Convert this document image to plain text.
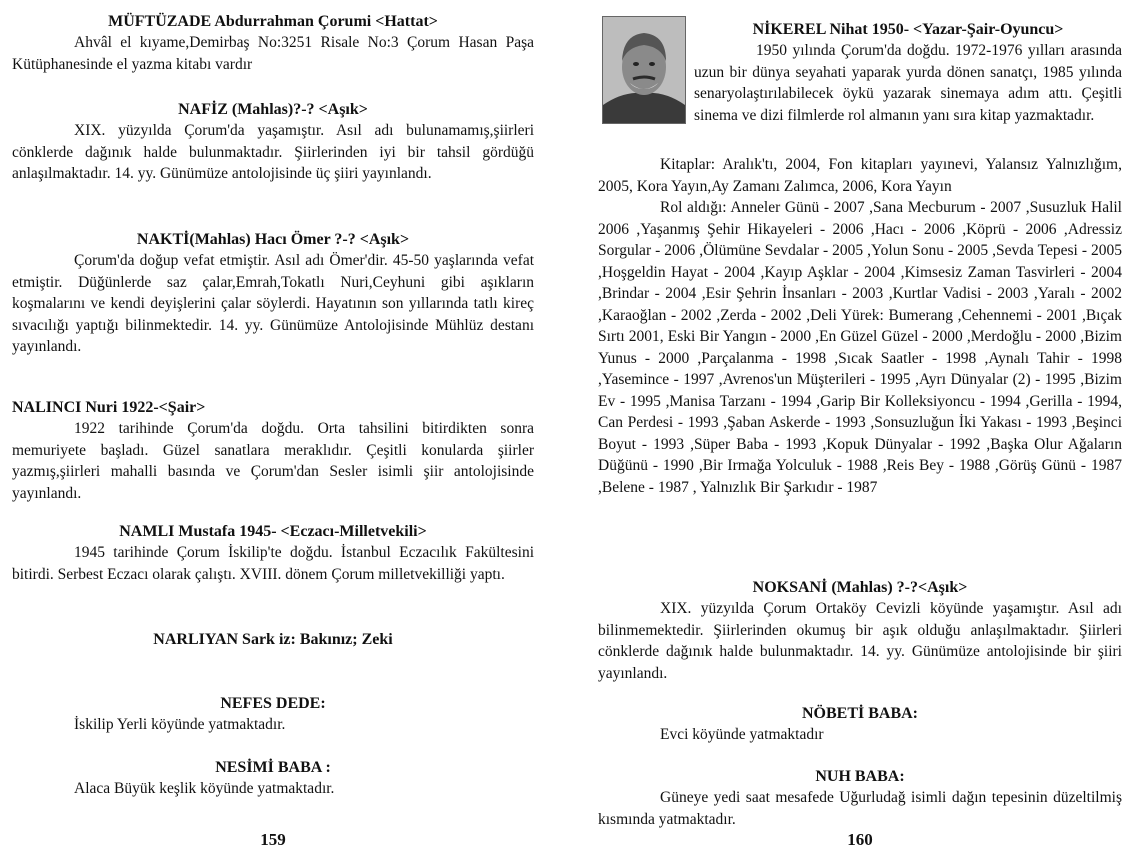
MÜFTÜZADE Abdurrahman Çorumi <Hattat>

Ahvâl el kıyame,Demirbaş No:3251 Risale No:3 Çorum Hasan Paşa Kütüphanesinde el yazma kitabı vardır

NAFİZ (Mahlas)?-? <Aşık>

XIX. yüzyılda Çorum'da yaşamıştır. Asıl adı bulunamamış,şiirleri cönklerde dağınık halde bulunmaktadır. Şiirlerinden iyi bir tahsil gördüğü anlaşılmaktadır. 14. yy. Günümüze antolojisinde üç şiiri yayınlandı.

NAKTİ(Mahlas) Hacı Ömer ?-? <Aşık>

Çorum'da doğup vefat etmiştir. Asıl adı Ömer'dir. 45-50 yaşlarında vefat etmiştir. Düğünlerde saz çalar,Emrah,Tokatlı Nuri,Ceyhuni gibi aşıkların koşmalarını ve kendi deyişlerini çalar söylerdi. Hayatının son yıllarında tatlı kireç sıvacılığı yaptığı bilinmektedir. 14. yy. Günümüze Antolojisinde Mühlüz destanı yayınlandı.

NALINCI Nuri 1922-<Şair>

1922 tarihinde Çorum'da doğdu. Orta tahsilini bitirdikten sonra memuriyete başladı. Güzel sanatlara meraklıdır. Çeşitli konularda şiirler yazmış,şiirleri mahalli basında ve Çorum'dan Sesler isimli şiir antolojisinde yayınlandı.

NAMLI Mustafa 1945- <Eczacı-Milletvekili>

1945 tarihinde Çorum İskilip'te doğdu. İstanbul Eczacılık Fakültesini bitirdi. Serbest Eczacı olarak çalıştı. XVIII. dönem Çorum milletvekilliği yaptı.

NARLIYAN Sark iz: Bakınız; Zeki

NEFES DEDE:

İskilip Yerli köyünde yatmaktadır.

NESİMİ BABA :

Alaca Büyük keşlik köyünde yatmaktadır.

159

NİKEREL Nihat 1950- <Yazar-Şair-Oyuncu>

1950 yılında Çorum'da doğdu. 1972-1976 yılları arasında uzun bir dünya seyahati yaparak yurda dönen sanatçı, 1985 yılında senaryolaştırılabilecek öykü yazarak sinemaya adım attı. Çeşitli sinema ve dizi filmlerde rol almanın yanı sıra kitap yazmaktadır.

Kitaplar: Aralık'tı, 2004, Fon kitapları yayınevi, Yalansız Yalnızlığım, 2005, Kora Yayın,Ay Zamanı Zalımca, 2006, Kora Yayın

Rol aldığı: Anneler Günü - 2007 ,Sana Mecburum - 2007 ,Susuzluk Halil 2006 ,Yaşanmış Şehir Hikayeleri - 2006 ,Hacı - 2006 ,Köprü - 2006 ,Adressiz Sorgular - 2006 ,Ölümüne Sevdalar - 2005 ,Yolun Sonu - 2005 ,Sevda Tepesi - 2005 ,Hoşgeldin Hayat - 2004 ,Kayıp Aşklar - 2004 ,Kimsesiz Zaman Tasvirleri - 2004 ,Brindar - 2004 ,Esir Şehrin İnsanları - 2003 ,Kurtlar Vadisi - 2003 ,Yaralı - 2002 ,Karaoğlan - 2002 ,Zerda - 2002 ,Deli Yürek: Bumerang ,Cehennemi - 2001 ,Bıçak Sırtı 2001, Eski Bir Yangın - 2000 ,En Güzel Güzel - 2000 ,Merdoğlu - 2000 ,Bizim Yunus - 2000 ,Parçalanma - 1998 ,Sıcak Saatler - 1998 ,Aynalı Tahir - 1998 ,Yasemince - 1997 ,Avrenos'un Müşterileri - 1995 ,Ayrı Dünyalar (2) - 1995 ,Bizim Ev - 1995 ,Manisa Tarzanı - 1994 ,Garip Bir Kolleksiyoncu - 1994 ,Gerilla - 1994, Can Perdesi - 1993 ,Şaban Askerde - 1993 ,Sonsuzluğun İki Yakası - 1993 ,Beşinci Boyut - 1993 ,Süper Baba - 1993 ,Kopuk Dünyalar - 1992 ,Başka Olur Ağaların Düğünü - 1990 ,Bir Irmağa Yolculuk - 1988 ,Reis Bey - 1988 ,Görüş Günü - 1987 ,Belene - 1987 , Yalnızlık Bir Şarkıdır - 1987

NOKSANİ (Mahlas) ?-?<Aşık>

XIX. yüzyılda Çorum Ortaköy Cevizli köyünde yaşamıştır. Asıl adı bilinmemektedir. Şiirlerinden okumuş bir aşık olduğu anlaşılmaktadır. Şiirleri cönklerde dağınık halde bulunmaktadır. 14. yy. Günümüze antolojisinde bir şiiri yayınlandı.

NÖBETİ BABA:

Evci köyünde yatmaktadır

NUH BABA:

Güneye yedi saat mesafede Uğurludağ isimli dağın tepesinin düzeltilmiş kısmında yatmaktadır.

160
